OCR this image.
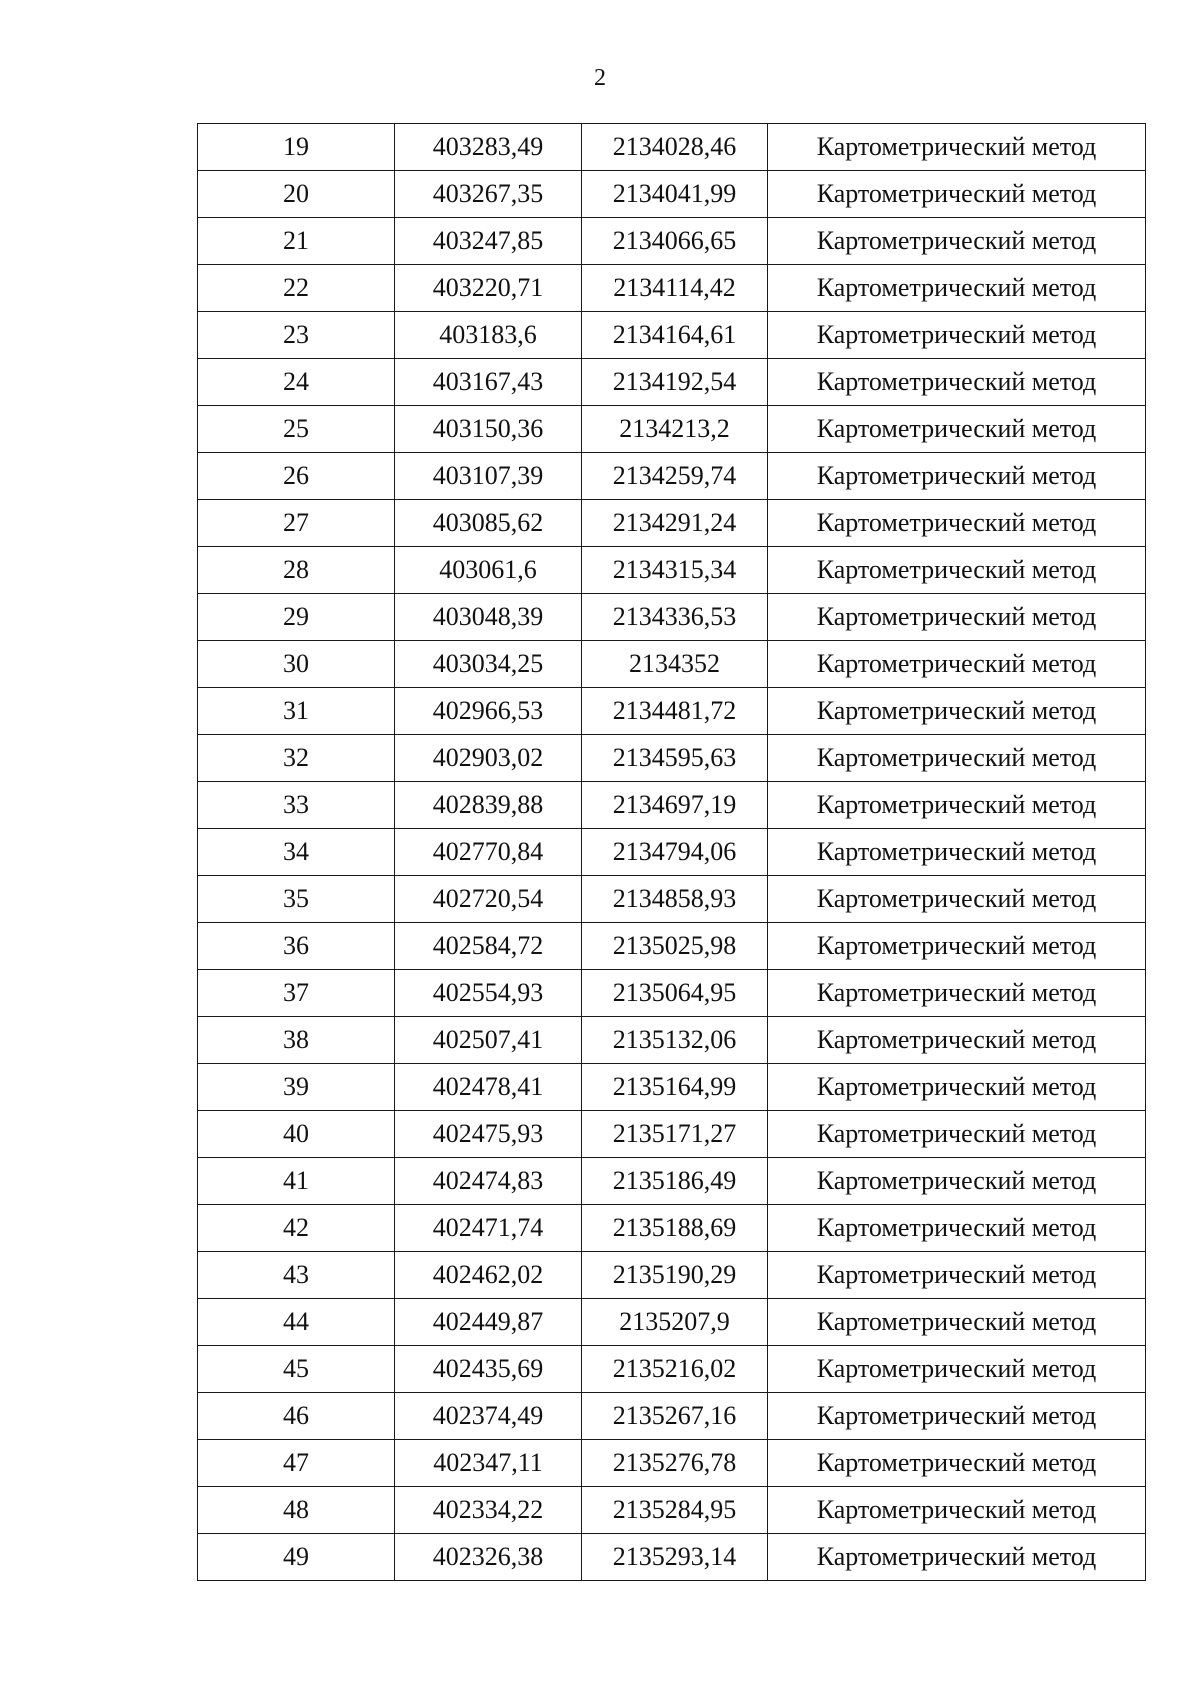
2
19	403283,49	2134028,46	Картометрический метод
20	403267,35	2134041,99	Картометрический метод
21	403247,85	2134066,65	Картометрический метод
22	403220,71	2134114,42	Картометрический метод
23	403183,6	2134164,61	Картометрический метод
24	403167,43	2134192,54	Картометрический метод
25	403150,36	2134213,2	Картометрический метод
26	403107,39	2134259,74	Картометрический метод
27	403085,62	2134291,24	Картометрический метод
28	403061,6	2134315,34	Картометрический метод
29	403048,39	2134336,53	Картометрический метод
30	403034,25	2134352	Картометрический метод
31	402966,53	2134481,72	Картометрический метод
32	402903,02	2134595,63	Картометрический метод
33	402839,88	2134697,19	Картометрический метод
34	402770,84	2134794,06	Картометрический метод
35	402720,54	2134858,93	Картометрический метод
36	402584,72	2135025,98	Картометрический метод
37	402554,93	2135064,95	Картометрический метод
38	402507,41	2135132,06	Картометрический метод
39	402478,41	2135164,99	Картометрический метод
40	402475,93	2135171,27	Картометрический метод
41	402474,83	2135186,49	Картометрический метод
42	402471,74	2135188,69	Картометрический метод
43	402462,02	2135190,29	Картометрический метод
44	402449,87	2135207,9	Картометрический метод
45	402435,69	2135216,02	Картометрический метод
46	402374,49	2135267,16	Картометрический метод
47	402347,11	2135276,78	Картометрический метод
48	402334,22	2135284,95	Картометрический метод
49	402326,38	2135293,14	Картометрический метод
